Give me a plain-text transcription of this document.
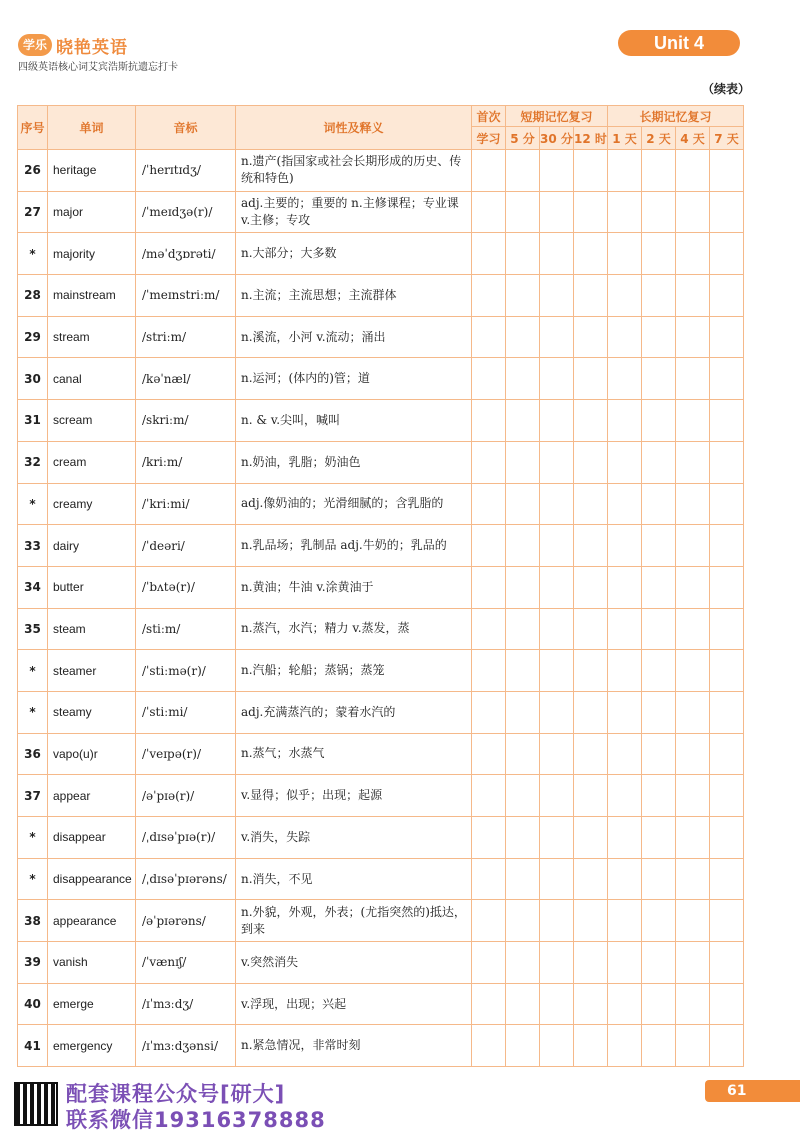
学乐 晓艳英语
四级英语核心词艾宾浩斯抗遗忘打卡
Unit 4
（续表）
序号	单词	音标	词性及释义	首次	短期记忆复习			长期记忆复习			
				学习	5 分	30 分	12 时	1 天	2 天	4 天	7 天
26	heritage	/ˈherɪtɪdʒ/	n.遗产(指国家或社会长期形成的历史、传统和特色)								
27	major	/ˈmeɪdʒə(r)/	adj.主要的；重要的 n.主修课程；专业课 v.主修；专攻								
*	majority	/məˈdʒɒrəti/	n.大部分；大多数								
28	mainstream	/ˈmeɪnstriːm/	n.主流；主流思想；主流群体								
29	stream	/striːm/	n.溪流，小河 v.流动；涌出								
30	canal	/kəˈnæl/	n.运河；(体内的)管；道								
31	scream	/skriːm/	n. & v.尖叫，喊叫								
32	cream	/kriːm/	n.奶油，乳脂；奶油色								
*	creamy	/ˈkriːmi/	adj.像奶油的；光滑细腻的；含乳脂的								
33	dairy	/ˈdeəri/	n.乳品场；乳制品 adj.牛奶的；乳品的								
34	butter	/ˈbʌtə(r)/	n.黄油；牛油 v.涂黄油于								
35	steam	/stiːm/	n.蒸汽，水汽；精力 v.蒸发，蒸								
*	steamer	/ˈstiːmə(r)/	n.汽船；轮船；蒸锅；蒸笼								
*	steamy	/ˈstiːmi/	adj.充满蒸汽的；蒙着水汽的								
36	vapo(u)r	/ˈveɪpə(r)/	n.蒸气；水蒸气								
37	appear	/əˈpɪə(r)/	v.显得；似乎；出现；起源								
*	disappear	/ˌdɪsəˈpɪə(r)/	v.消失，失踪								
*	disappearance	/ˌdɪsəˈpɪərəns/	n.消失，不见								
38	appearance	/əˈpɪərəns/	n.外貌，外观，外表；(尤指突然的)抵达，到来								
39	vanish	/ˈvænɪʃ/	v.突然消失								
40	emerge	/ɪˈmɜːdʒ/	v.浮现，出现；兴起								
41	emergency	/ɪˈmɜːdʒənsi/	n.紧急情况，非常时刻								
配套课程公众号[研大]
联系微信19316378888
61
